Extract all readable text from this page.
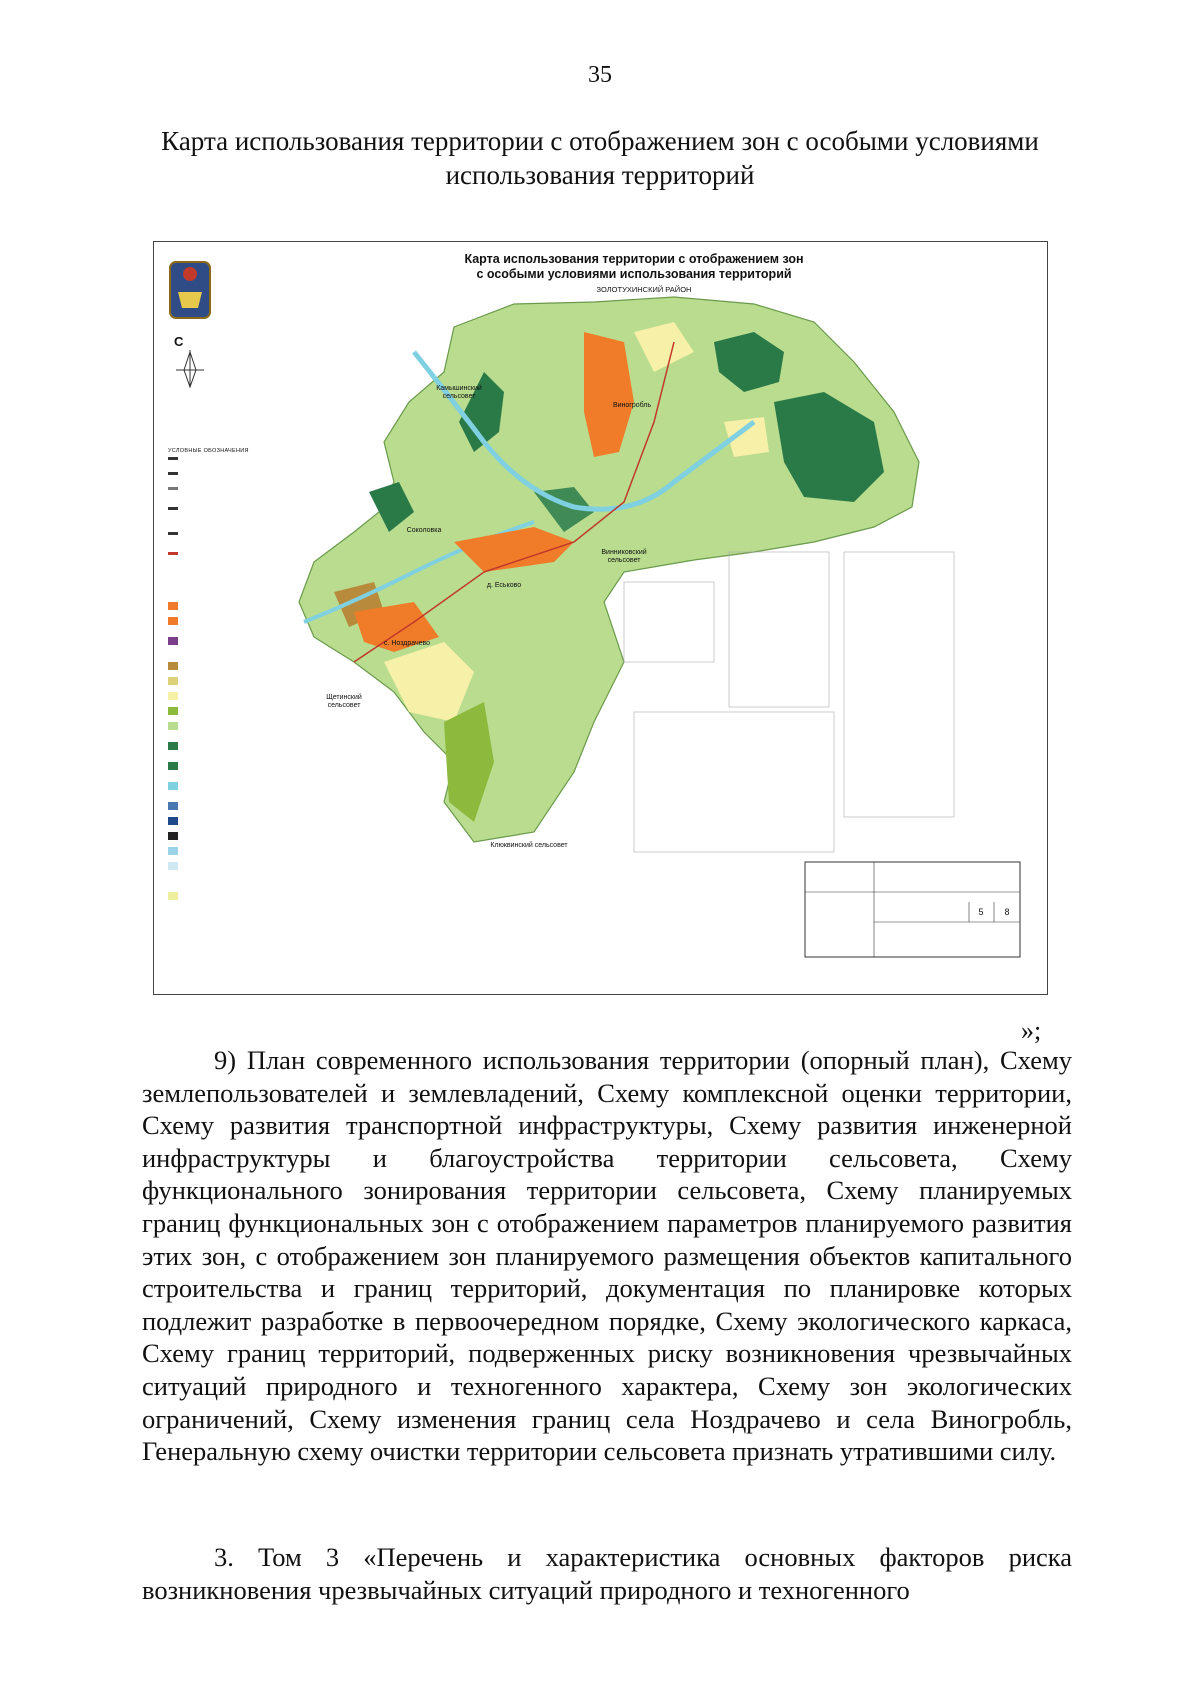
35
Карта использования территории с отображением зон с особыми условиями использования территорий
Карта использования территории с отображением зон
с особыми условиями использования территорий
С
УСЛОВНЫЕ ОБОЗНАЧЕНИЯ
ЗОЛОТУХИНСКИЙ РАЙОН
Камышинский сельсовет
Виногробль
Винниковский сельсовет
с. Ноздрачево
Щетинский сельсовет
Клюквинский сельсовет
Соколовка
д. Еськово
5	8
»;
9) План современного использования территории (опорный план), Схему землепользователей и землевладений, Схему комплексной оценки территории, Схему развития транспортной инфраструктуры, Схему развития инженерной инфраструктуры и благоустройства территории сельсовета, Схему функционального зонирования территории сельсовета, Схему планируемых границ функциональных зон с отображением параметров планируемого развития этих зон, с отображением зон планируемого размещения объектов капитального строительства и границ территорий, документация по планировке которых подлежит разработке в первоочередном порядке, Схему экологического каркаса, Схему границ территорий, подверженных риску возникновения чрезвычайных ситуаций природного и техногенного характера, Схему зон экологических ограничений, Схему изменения границ села Ноздрачево и села Виногробль, Генеральную схему очистки территории сельсовета признать утратившими силу.
3. Том 3 «Перечень и характеристика основных факторов риска возникновения чрезвычайных ситуаций природного и техногенного
